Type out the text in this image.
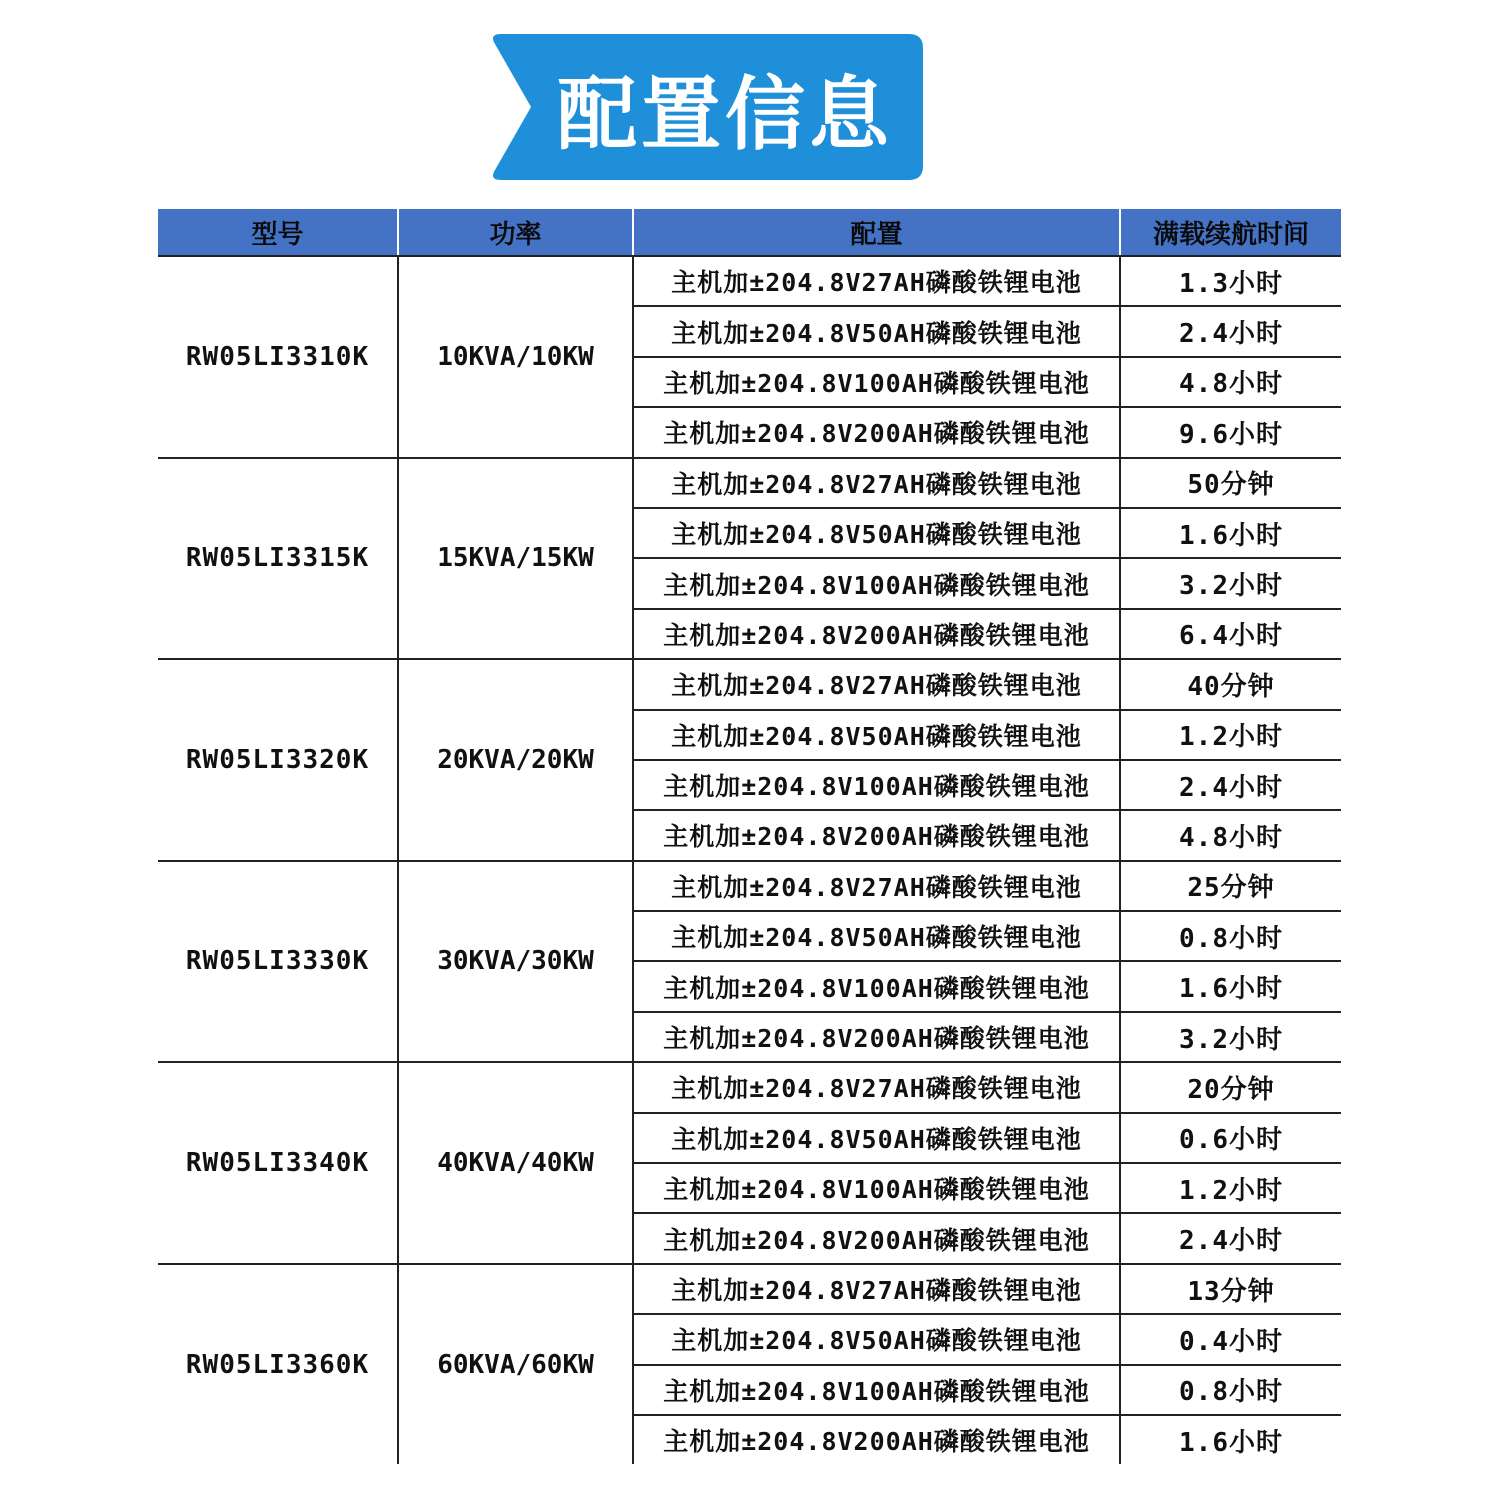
配置信息
型号	功率	配置	满载续航时间
RW05LI3310K	10KVA/10KW	主机加±204.8V27AH磷酸铁锂电池	1.3小时
		主机加±204.8V50AH磷酸铁锂电池	2.4小时
		主机加±204.8V100AH磷酸铁锂电池	4.8小时
		主机加±204.8V200AH磷酸铁锂电池	9.6小时
RW05LI3315K	15KVA/15KW	主机加±204.8V27AH磷酸铁锂电池	50分钟
		主机加±204.8V50AH磷酸铁锂电池	1.6小时
		主机加±204.8V100AH磷酸铁锂电池	3.2小时
		主机加±204.8V200AH磷酸铁锂电池	6.4小时
RW05LI3320K	20KVA/20KW	主机加±204.8V27AH磷酸铁锂电池	40分钟
		主机加±204.8V50AH磷酸铁锂电池	1.2小时
		主机加±204.8V100AH磷酸铁锂电池	2.4小时
		主机加±204.8V200AH磷酸铁锂电池	4.8小时
RW05LI3330K	30KVA/30KW	主机加±204.8V27AH磷酸铁锂电池	25分钟
		主机加±204.8V50AH磷酸铁锂电池	0.8小时
		主机加±204.8V100AH磷酸铁锂电池	1.6小时
		主机加±204.8V200AH磷酸铁锂电池	3.2小时
RW05LI3340K	40KVA/40KW	主机加±204.8V27AH磷酸铁锂电池	20分钟
		主机加±204.8V50AH磷酸铁锂电池	0.6小时
		主机加±204.8V100AH磷酸铁锂电池	1.2小时
		主机加±204.8V200AH磷酸铁锂电池	2.4小时
RW05LI3360K	60KVA/60KW	主机加±204.8V27AH磷酸铁锂电池	13分钟
		主机加±204.8V50AH磷酸铁锂电池	0.4小时
		主机加±204.8V100AH磷酸铁锂电池	0.8小时
		主机加±204.8V200AH磷酸铁锂电池	1.6小时
